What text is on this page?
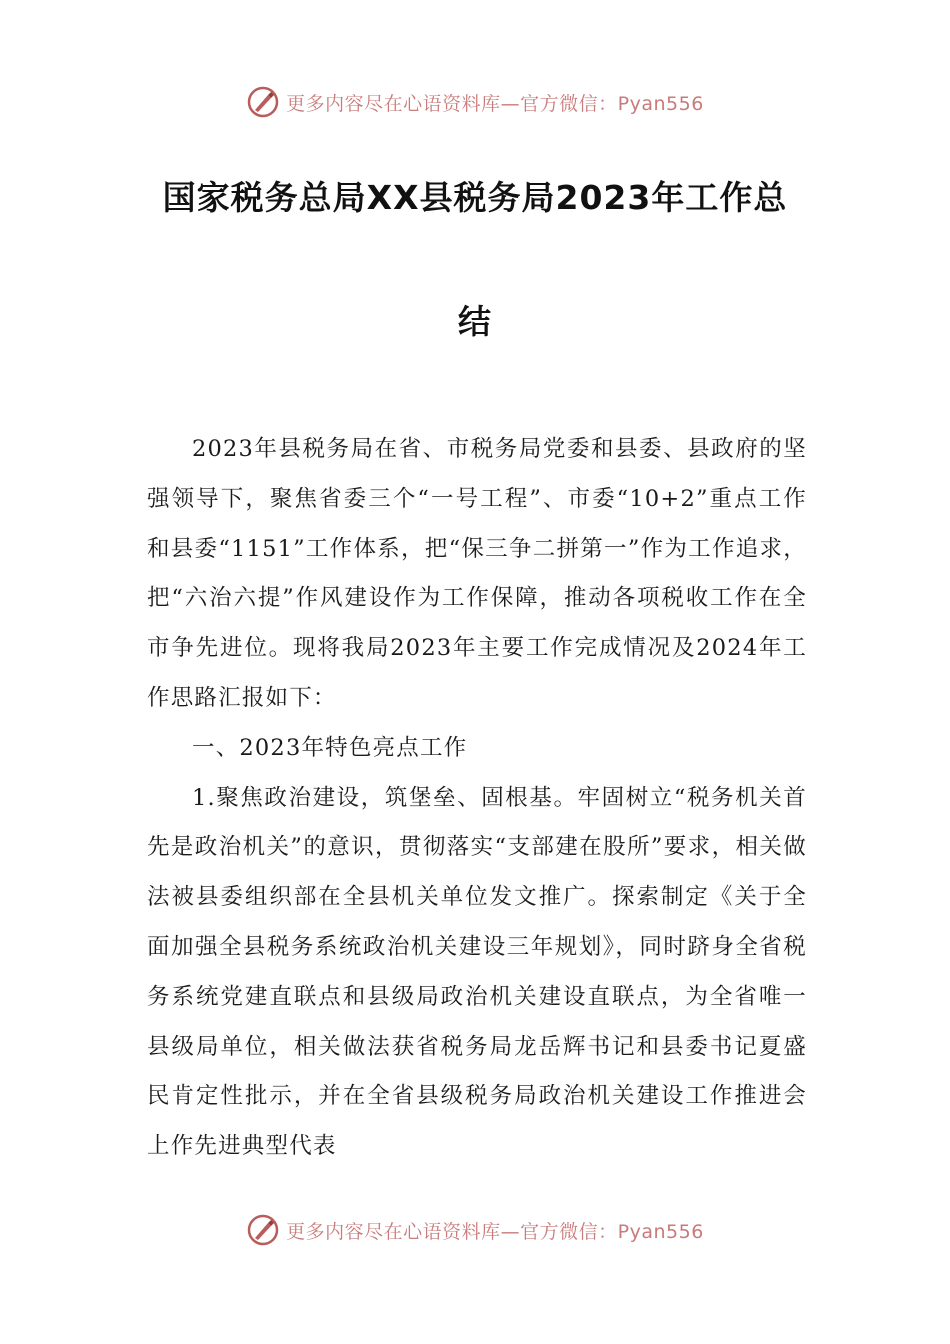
更多内容尽在心语资料库—官方微信：Pyan556
国家税务总局XX县税务局2023年工作总
结

2023年县税务局在省、市税务局党委和县委、县政府的坚强领导下，聚焦省委三个“一号工程”、市委“10+2”重点工作和县委“1151”工作体系，把“保三争二拼第一”作为工作追求，把“六治六提”作风建设作为工作保障，推动各项税收工作在全市争先进位。现将我局2023年主要工作完成情况及2024年工作思路汇报如下：

一、2023年特色亮点工作

1.聚焦政治建设，筑堡垒、固根基。牢固树立“税务机关首先是政治机关”的意识，贯彻落实“支部建在股所”要求，相关做法被县委组织部在全县机关单位发文推广。探索制定《关于全面加强全县税务系统政治机关建设三年规划》，同时跻身全省税务系统党建直联点和县级局政治机关建设直联点，为全省唯一县级局单位，相关做法获省税务局龙岳辉书记和县委书记夏盛民肯定性批示，并在全省县级税务局政治机关建设工作推进会上作先进典型代表

更多内容尽在心语资料库—官方微信：Pyan556
